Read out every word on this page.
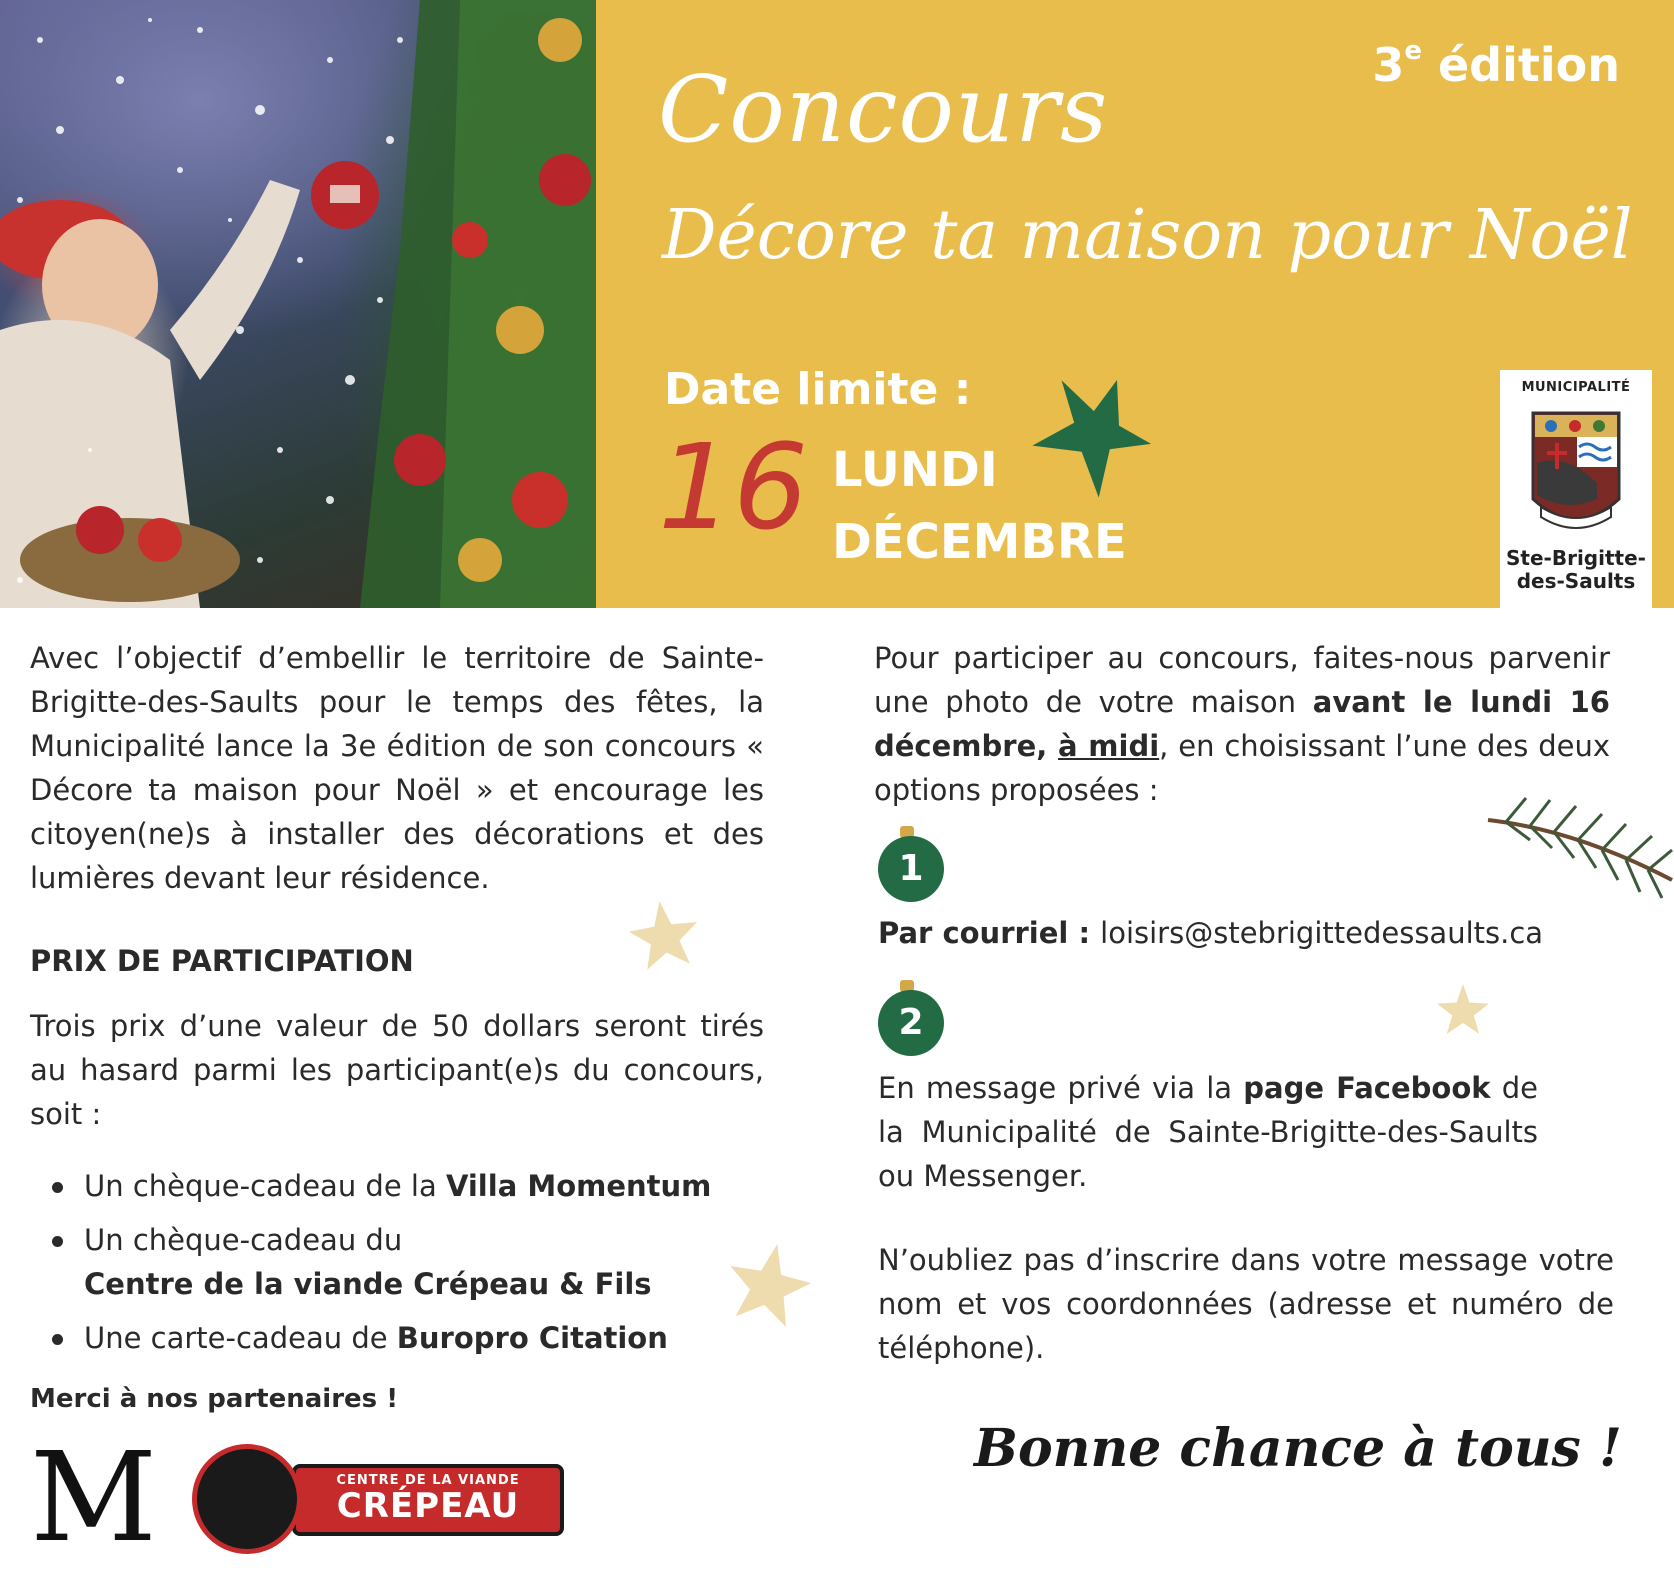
3e édition
Concours
Décore ta maison pour Noël
Date limite :
16 LUNDI
DÉCEMBRE
MUNICIPALITÉ
Ste-Brigitte-
des-Saults

Avec l’objectif d’embellir le territoire de Sainte-Brigitte-des-Saults pour le temps des fêtes, la Municipalité lance la 3e édition de son concours « Décore ta maison pour Noël » et encourage les citoyen(ne)s à installer des décorations et des lumières devant leur résidence.

PRIX DE PARTICIPATION

Trois prix d’une valeur de 50 dollars seront tirés au hasard parmi les participant(e)s du concours, soit :

Un chèque-cadeau de la Villa Momentum
Un chèque-cadeau du
Centre de la viande Crépeau & Fils
Une carte-cadeau de Buropro Citation
Merci à nos partenaires !
M	CENTRE DE LA VIANDE
CRÉPEAU

Pour participer au concours, faites-nous parvenir une photo de votre maison avant le lundi 16 décembre, à midi, en choisissant l’une des deux options proposées :

Par courriel : loisirs@stebrigittedessaults.ca

En message privé via la page Facebook de la Municipalité de Sainte-Brigitte-des-Saults ou Messenger.

N’oubliez pas d’inscrire dans votre message votre nom et vos coordonnées (adresse et numéro de téléphone).

1
2
Bonne chance à tous !
